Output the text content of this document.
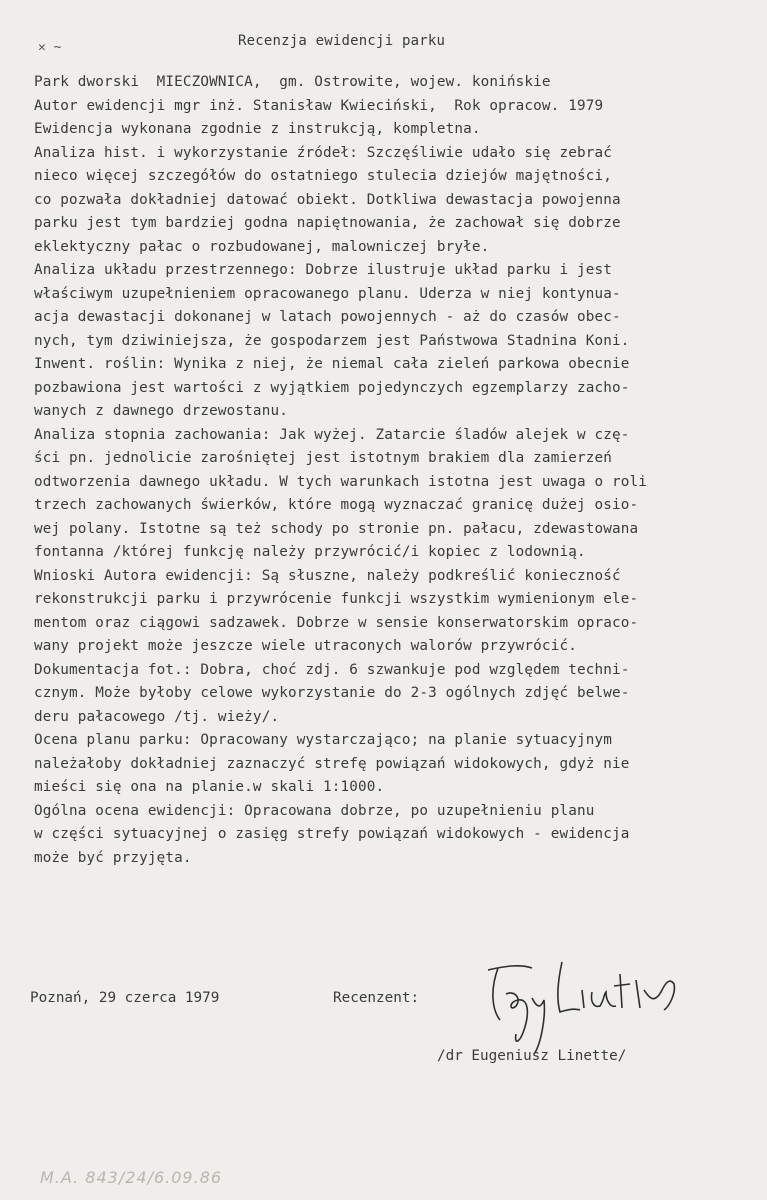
✕ ~	Recenzja ewidencji parku
Park dworski  MIECZOWNICA,  gm. Ostrowite, wojew. konińskie
Autor ewidencji mgr inż. Stanisław Kwieciński,  Rok opracow. 1979
Ewidencja wykonana zgodnie z instrukcją, kompletna.
Analiza hist. i wykorzystanie źródeł: Szczęśliwie udało się zebrać
nieco więcej szczegółów do ostatniego stulecia dziejów majętności,
co pozwała dokładniej datować obiekt. Dotkliwa dewastacja powojenna
parku jest tym bardziej godna napiętnowania, że zachował się dobrze
eklektyczny pałac o rozbudowanej, malowniczej bryłe.
Analiza układu przestrzennego: Dobrze ilustruje układ parku i jest
właściwym uzupełnieniem opracowanego planu. Uderza w niej kontynua-
acja dewastacji dokonanej w latach powojennych - aż do czasów obec-
nych, tym dziwiniejsza, że gospodarzem jest Państwowa Stadnina Koni.
Inwent. roślin: Wynika z niej, że niemal cała zieleń parkowa obecnie
pozbawiona jest wartości z wyjątkiem pojedynczych egzemplarzy zacho-
wanych z dawnego drzewostanu.
Analiza stopnia zachowania: Jak wyżej. Zatarcie śladów alejek w czę-
ści pn. jednolicie zarośniętej jest istotnym brakiem dla zamierzeń
odtworzenia dawnego układu. W tych warunkach istotna jest uwaga o roli
trzech zachowanych świerków, które mogą wyznaczać granicę dużej osio-
wej polany. Istotne są też schody po stronie pn. pałacu, zdewastowana
fontanna /której funkcję należy przywrócić/i kopiec z lodownią.
Wnioski Autora ewidencji: Są słuszne, należy podkreślić konieczność
rekonstrukcji parku i przywrócenie funkcji wszystkim wymienionym ele-
mentom oraz ciągowi sadzawek. Dobrze w sensie konserwatorskim opraco-
wany projekt może jeszcze wiele utraconych walorów przywrócić.
Dokumentacja fot.: Dobra, choć zdj. 6 szwankuje pod względem techni-
cznym. Może byłoby celowe wykorzystanie do 2-3 ogólnych zdjęć belwe-
deru pałacowego /tj. wieży/.
Ocena planu parku: Opracowany wystarczająco; na planie sytuacyjnym
należałoby dokładniej zaznaczyć strefę powiązań widokowych, gdyż nie
mieści się ona na planie.w skali 1:1000.
Ogólna ocena ewidencji: Opracowana dobrze, po uzupełnieniu planu
w części sytuacyjnej o zasięg strefy powiązań widokowych - ewidencja
może być przyjęta.
Poznań, 29 czerca 1979	Recenzent:
/dr Eugeniusz Linette/
M.A. 843/24/6.09.86
